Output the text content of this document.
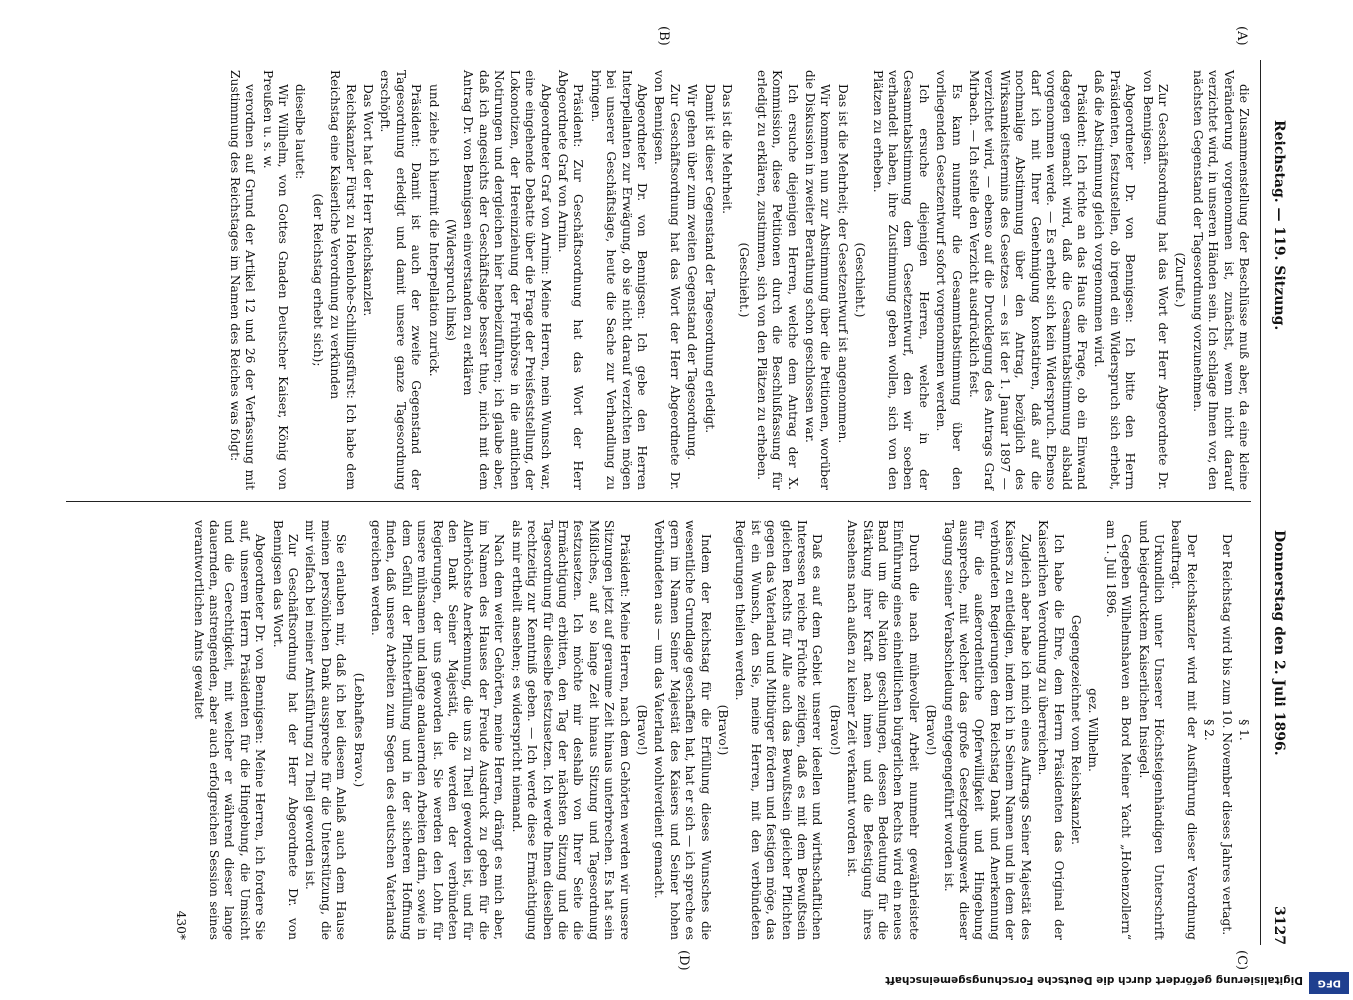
Reichstag. — 119. Sitzung.
Donnerstag den 2. Juli 1896.
3127
(A)
(B)
(C)
(D)

die Zusammenstellung der Beschlüsse muß aber, da eine kleine Veränderung vorgenommen ist, zunächst, wenn nicht darauf verzichtet wird, in unseren Händen sein. Ich schlage Ihnen vor, den nächsten Gegenstand der Tagesordnung vorzunehmen.

(Zurufe.)

Zur Geschäftsordnung hat das Wort der Herr Abgeordnete Dr. von Bennigsen.

Abgeordneter Dr. von Bennigsen: Ich bitte den Herrn Präsidenten, festzustellen, ob irgend ein Widerspruch sich erhebt, daß die Abstimmung gleich vorgenommen wird.

Präsident: Ich richte an das Haus die Frage, ob ein Einwand dagegen gemacht wird, daß die Gesammtabstimmung alsbald vorgenommen werde. — Es erhebt sich kein Widerspruch. Ebenso darf ich mit Ihrer Genehmigung konstatiren, daß auf die nochmalige Abstimmung über den Antrag, bezüglich des Wirksamkeitstermins des Gesetzes — es ist der 1. Januar 1897 — verzichtet wird, — ebenso auf die Drucklegung des Antrags Graf Mirbach. — Ich stelle den Verzicht ausdrücklich fest.

Es kann nunmehr die Gesammtabstimmung über den vorliegenden Gesetzentwurf sofort vorgenommen werden.

Ich ersuche diejenigen Herren, welche in der Gesammtabstimmung dem Gesetzentwurf, den wir soeben verhandelt haben, ihre Zustimmung geben wollen, sich von den Plätzen zu erheben.

(Geschieht.)

Das ist die Mehrheit; der Gesetzentwurf ist angenommen.

Wir kommen nun zur Abstimmung über die Petitionen, worüber die Diskussion in zweiter Berathung schon geschlossen war.

Ich ersuche diejenigen Herren, welche dem Antrag der X. Kommission, diese Petitionen durch die Beschlußfassung für erledigt zu erklären, zustimmen, sich von den Plätzen zu erheben.

(Geschieht.)

Das ist die Mehrheit.

Damit ist dieser Gegenstand der Tagesordnung erledigt.

Wir gehen über zum zweiten Gegenstand der Tagesordnung.

Zur Geschäftsordnung hat das Wort der Herr Abgeordnete Dr. von Bennigsen.

Abgeordneter Dr. von Bennigsen: Ich gebe den Herren Interpellanten zur Erwägung, ob sie nicht darauf verzichten mögen bei unserer Geschäftslage, heute die Sache zur Verhandlung zu bringen.

Präsident: Zur Geschäftsordnung hat das Wort der Herr Abgeordnete Graf von Arnim.

Abgeordneter Graf von Arnim: Meine Herren, mein Wunsch war, eine eingehende Debatte über die Frage der Preisfeststellung, der Lokonotizen, der Hereinziehung der Frühbörse in die amtlichen Notirungen und dergleichen hier herbeizuführen; ich glaube aber, daß ich angesichts der Geschäftslage besser thue, mich mit dem Antrag Dr. von Bennigsen einverstanden zu erklären

(Widerspruch links)

und ziehe ich hiermit die Interpellation zurück.

Präsident: Damit ist auch der zweite Gegenstand der Tagesordnung erledigt und damit unsere ganze Tagesordnung erschöpft.

Das Wort hat der Herr Reichskanzler.

Reichskanzler Fürst zu Hohenlohe-Schillingsfürst: Ich habe dem Reichstag eine Kaiserliche Verordnung zu verkünden

(der Reichstag erhebt sich);

dieselbe lautet:

Wir Wilhelm, von Gottes Gnaden Deutscher Kaiser, König von Preußen u. s. w.

verordnen auf Grund der Artikel 12 und 26 der Verfassung mit Zustimmung des Reichstages im Namen des Reiches was folgt:

§ 1.

Der Reichstag wird bis zum 10. November dieses Jahres vertagt.

§ 2.

Der Reichskanzler wird mit der Ausführung dieser Verordnung beauftragt.

Urkundlich unter Unserer Höchsteigenhändigen Unterschrift und beigedrucktem Kaiserlichen Insiegel.

Gegeben Wilhelmshaven an Bord Meiner Yacht „Hohenzollern“ am 1. Juli 1896.

gez. Wilhelm.

Gegengezeichnet vom Reichskanzler.

Ich habe die Ehre, dem Herrn Präsidenten das Original der Kaiserlichen Verordnung zu überreichen.

Zugleich aber habe ich mich eines Auftrags Seiner Majestät des Kaisers zu entledigen, indem ich in Seinem Namen und in dem der verbündeten Regierungen dem Reichstag Dank und Anerkennung für die außerordentliche Opferwilligkeit und Hingebung ausspreche, mit welcher das große Gesetzgebungswerk dieser Tagung seiner Verabschiedung entgegengeführt worden ist.

(Bravo!)

Durch die nach mühevoller Arbeit nunmehr gewährleistete Einführung eines einheitlichen bürgerlichen Rechts wird ein neues Band um die Nation geschlungen, dessen Bedeutung für die Stärkung ihrer Kraft nach innen und die Befestigung ihres Ansehens nach außen zu keiner Zeit verkannt worden ist.

(Bravo!)

Daß es auf dem Gebiet unserer ideellen und wirthschaftlichen Interessen reiche Früchte zeitigen, daß es mit dem Bewußtsein gleichen Rechts für Alle auch das Bewußtsein gleicher Pflichten gegen das Vaterland und Mitbürger fördern und festigen möge, das ist ein Wunsch, den Sie, meine Herren, mit den verbündeten Regierungen theilen werden.

(Bravo!)

Indem der Reichstag für die Erfüllung dieses Wunsches die wesentliche Grundlage geschaffen hat, hat er sich — ich spreche es gern im Namen Seiner Majestät des Kaisers und Seiner hohen Verbündeten aus — um das Vaterland wohlverdient gemacht.

(Bravo!)

Präsident: Meine Herren, nach dem Gehörten werden wir unsere Sitzungen jetzt auf geraume Zeit hinaus unterbrechen. Es hat sein Mißliches, auf so lange Zeit hinaus Sitzung und Tagesordnung festzusetzen. Ich möchte mir deshalb von Ihrer Seite die Ermächtigung erbitten, den Tag der nächsten Sitzung und die Tagesordnung für dieselbe festzusetzen. Ich werde Ihnen dieselben rechtzeitig zur Kenntniß geben. — Ich werde diese Ermächtigung als mir ertheilt ansehen; es widerspricht niemand.

Nach dem weiter Gehörten, meine Herren, drängt es mich aber, im Namen des Hauses der Freude Ausdruck zu geben für die Allerhöchste Anerkennung, die uns zu Theil geworden ist, und für den Dank Seiner Majestät, die werden der verbündeten Regierungen, der uns geworden ist. Sie werden den Lohn für unsere mühsamen und lange andauernden Arbeiten darin, sowie in dem Gefühl der Pflichterfüllung und in der sicheren Hoffnung finden, daß unsere Arbeiten zum Segen des deutschen Vaterlands gereichen werden.

(Lebhaftes Bravo.)

Sie erlauben mir, daß ich bei diesem Anlaß auch dem Hause meinen persönlichen Dank ausspreche für die Unterstützung, die mir vielfach bei meiner Amtsführung zu Theil geworden ist.

Zur Geschäftsordnung hat der Herr Abgeordnete Dr. von Bennigsen das Wort.

Abgeordneter Dr. von Bennigsen: Meine Herren, ich fordere Sie auf, unserem Herrn Präsidenten für die Hingebung, die Umsicht und die Gerechtigkeit, mit welcher er während dieser lange dauernden, anstrengenden, aber auch erfolgreichen Session seines verantwortlichen Amts gewaltet

430*

DFG
Digitalisierung gefördert durch die Deutsche Forschungsgemeinschaft
